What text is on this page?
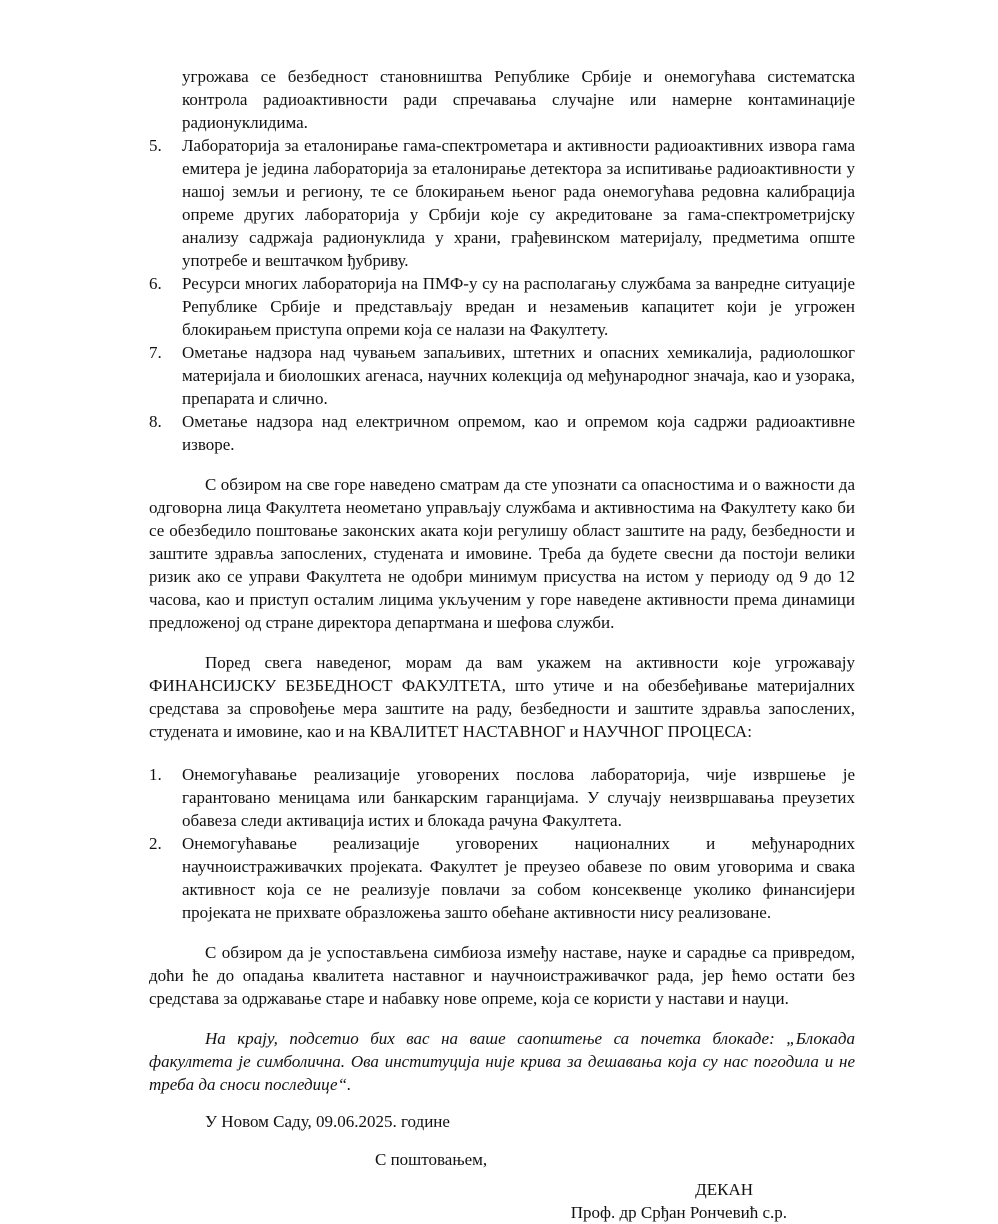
угрожава се безбедност становништва Републике Србије и онемогућава систематска контрола радиоактивности ради спречавања случајне или намерне контаминације радионуклидима.

5.	Лабораторија за еталонирање гама-спектрометара и активности радиоактивних извора гама емитера је једина лабораторија за еталонирање детектора за испитивање радиоактивности у нашој земљи и региону, те се блокирањем њеног рада онемогућава редовна калибрација опреме других лабораторија у Србији које су акредитоване за гама-спектрометријску анализу садржаја радионуклида у храни, грађевинском материјалу, предметима опште употребе и вештачком ђубриву.
6.	Ресурси многих лабораторија на ПМФ-у су на располагању службама за ванредне ситуације Републике Србије и представљају вредан и незамењив капацитет који је угрожен блокирањем приступа опреми која се налази на Факултету.
7.	Ометање надзора над чувањем запаљивих, штетних и опасних хемикалија, радиолошког материјала и биолошких агенаса, научних колекција од међународног значаја, као и узорака, препарата и слично.
8.	Ометање надзора над електричном опремом, као и опремом која садржи радиоактивне изворе.

С обзиром на све горе наведено сматрам да сте упознати са опасностима и о важности да одговорна лица Факултета неометано управљају службама и активностима на Факултету како би се обезбедило поштовање законских аката који регулишу област заштите на раду, безбедности и заштите здравља запослених, студената и имовине. Треба да будете свесни да постоји велики ризик ако се управи Факултета не одобри минимум присуства на истом у периоду од 9 до 12 часова, као и приступ осталим лицима укљученим у горе наведене активности према динамици предложеној од стране директора департмана и шефова служби.

Поред свега наведеног, морам да вам укажем на активности које угрожавају ФИНАНСИЈСКУ БЕЗБЕДНОСТ ФАКУЛТЕТА, што утиче и на обезбеђивање материјалних средстава за спровођење мера заштите на раду, безбедности и заштите здравља запослених, студената и имовине, као и на КВАЛИТЕТ НАСТАВНОГ и НАУЧНОГ ПРОЦЕСА:

1.	Онемогућавање реализације уговорених послова лабораторија, чије извршење је гарантовано меницама или банкарским гаранцијама. У случају неизвршавања преузетих обавеза следи активација истих и блокада рачуна Факултета.
2.	Онемогућавање реализације уговорених националних и међународних научноистраживачких пројеката. Факултет је преузео обавезе по овим уговорима и свака активност која се не реализује повлачи за собом консеквенце уколико финансијери пројеката не прихвате образложења зашто обећане активности нису реализоване.

С обзиром да је успостављена симбиоза између наставе, науке и сарадње са привредом, доћи ће до опадања квалитета наставног и научноистраживачког рада, јер ћемо остати без средстава за одржавање старе и набавку нове опреме, која се користи у настави и науци.

На крају, подсетио бих вас на ваше саопштење са почетка блокаде: „Блокада факултета је симболична. Ова институција није крива за дешавања која су нас погодила и не треба да сноси последице“.

У Новом Саду, 09.06.2025. године

С поштовањем,

ДЕКАН
Проф. др Срђан Рончевић с.р.
